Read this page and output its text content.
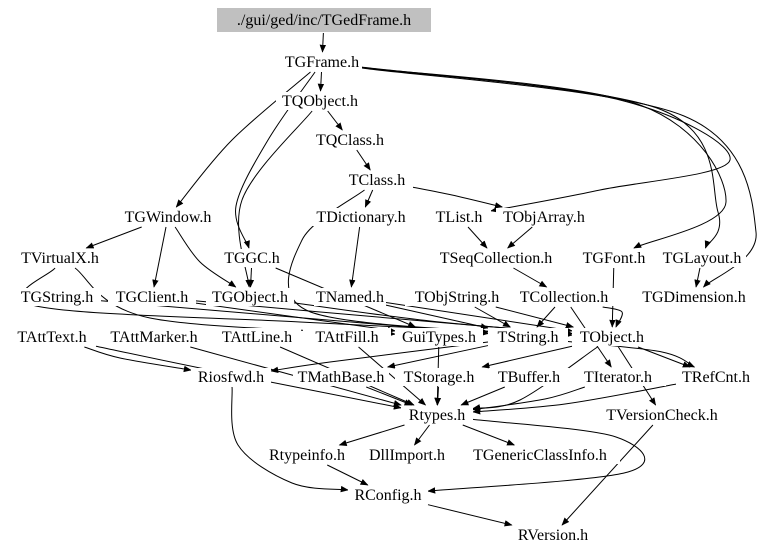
./gui/ged/inc/TGedFrame.h
TGFrame.h
TQObject.h
TQClass.h
TClass.h
TGWindow.h	TDictionary.h TList.h TObjArray.h
TVirtualX.h	TGGC.h	TSeqCollection.h TGFont.h TGLayout.h
TGString.h TGClient.h TGObject.h TNamed.h TObjString.h TCollection.h TGDimension.h
TAttText.h TAttMarker.h TAttLine.h TAttFill.h GuiTypes.h TString.h TObject.h
Riosfwd.h TMathBase.h TStorage.h TBuffer.h TIterator.h TRefCnt.h
Rtypes.h	TVersionCheck.h
Rtypeinfo.h DllImport.h TGenericClassInfo.h
RConfig.h
RVersion.h
